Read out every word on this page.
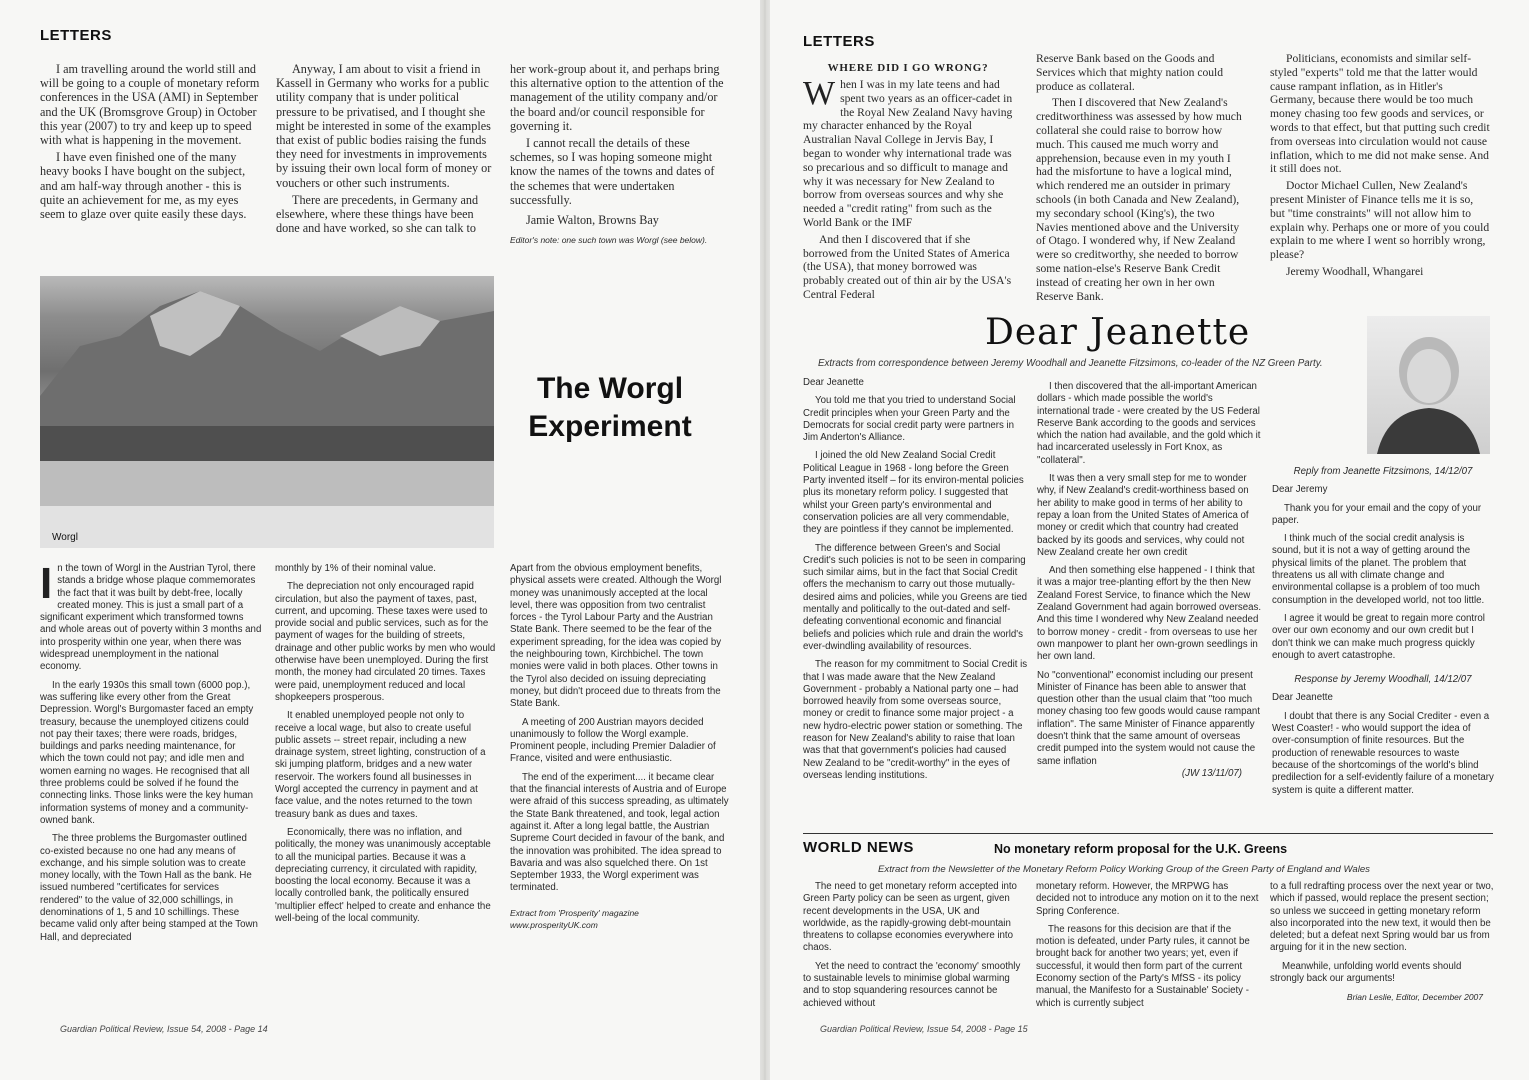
LETTERS

I am travelling around the world still and will be going to a couple of monetary reform conferences in the USA (AMI) in September and the UK (Bromsgrove Group) in October this year (2007) to try and keep up to speed with what is happening in the movement.

I have even finished one of the many heavy books I have bought on the subject, and am half-way through another - this is quite an achievement for me, as my eyes seem to glaze over quite easily these days.

Anyway, I am about to visit a friend in Kassell in Germany who works for a public utility company that is under political pressure to be privatised, and I thought she might be interested in some of the examples that exist of public bodies raising the funds they need for investments in improvements by issuing their own local form of money or vouchers or other such instruments.

There are precedents, in Germany and elsewhere, where these things have been done and have worked, so she can talk to

her work-group about it, and perhaps bring this alternative option to the attention of the management of the utility company and/or the board and/or council responsible for governing it.

I cannot recall the details of these schemes, so I was hoping someone might know the names of the towns and dates of the schemes that were undertaken successfully.

Jamie Walton, Browns Bay

Editor's note: one such town was Worgl (see below).

Worgl
The Worgl Experiment
I n the town of Worgl in the Austrian Tyrol, there stands a bridge whose plaque commemorates the fact that it was built by debt-free, locally created money. This is just a small part of a significant experiment which transformed towns and whole areas out of poverty within 3 months and into prosperity within one year, when there was widespread unemployment in the national economy.

In the early 1930s this small town (6000 pop.), was suffering like every other from the Great Depression. Worgl's Burgomaster faced an empty treasury, because the unemployed citizens could not pay their taxes; there were roads, bridges, buildings and parks needing maintenance, for which the town could not pay; and idle men and women earning no wages. He recognised that all three problems could be solved if he found the connecting links. Those links were the key human information systems of money and a community-owned bank.

The three problems the Burgomaster outlined co-existed because no one had any means of exchange, and his simple solution was to create money locally, with the Town Hall as the bank. He issued numbered "certificates for services rendered" to the value of 32,000 schillings, in denominations of 1, 5 and 10 schillings. These became valid only after being stamped at the Town Hall, and depreciated

monthly by 1% of their nominal value.

The depreciation not only encouraged rapid circulation, but also the payment of taxes, past, current, and upcoming. These taxes were used to provide social and public services, such as for the payment of wages for the building of streets, drainage and other public works by men who would otherwise have been unemployed. During the first month, the money had circulated 20 times. Taxes were paid, unemployment reduced and local shopkeepers prosperous.

It enabled unemployed people not only to receive a local wage, but also to create useful public assets -- street repair, including a new drainage system, street lighting, construction of a ski jumping platform, bridges and a new water reservoir. The workers found all businesses in Worgl accepted the currency in payment and at face value, and the notes returned to the town treasury bank as dues and taxes.

Economically, there was no inflation, and politically, the money was unanimously acceptable to all the municipal parties. Because it was a depreciating currency, it circulated with rapidity, boosting the local economy. Because it was a locally controlled bank, the politically ensured 'multiplier effect' helped to create and enhance the well-being of the local community.

Apart from the obvious employment benefits, physical assets were created. Although the Worgl money was unanimously accepted at the local level, there was opposition from two centralist forces - the Tyrol Labour Party and the Austrian State Bank. There seemed to be the fear of the experiment spreading, for the idea was copied by the neighbouring town, Kirchbichel. The town monies were valid in both places. Other towns in the Tyrol also decided on issuing depreciating money, but didn't proceed due to threats from the State Bank.

A meeting of 200 Austrian mayors decided unanimously to follow the Worgl example. Prominent people, including Premier Daladier of France, visited and were enthusiastic.

The end of the experiment.... it became clear that the financial interests of Austria and of Europe were afraid of this success spreading, as ultimately the State Bank threatened, and took, legal action against it. After a long legal battle, the Austrian Supreme Court decided in favour of the bank, and the innovation was prohibited. The idea spread to Bavaria and was also squelched there. On 1st September 1933, the Worgl experiment was terminated.

Extract from 'Prosperity' magazine

www.prosperityUK.com

Guardian Political Review, Issue 54, 2008 - Page 14
LETTERS
WHERE DID I GO WRONG?
W hen I was in my late teens and had spent two years as an officer-cadet in the Royal New Zealand Navy having my character enhanced by the Royal Australian Naval College in Jervis Bay, I began to wonder why international trade was so precarious and so difficult to manage and why it was necessary for New Zealand to borrow from overseas sources and why she needed a "credit rating" from such as the World Bank or the IMF

And then I discovered that if she borrowed from the United States of America (the USA), that money borrowed was probably created out of thin air by the USA's Central Federal

Reserve Bank based on the Goods and Services which that mighty nation could produce as collateral.

Then I discovered that New Zealand's creditworthiness was assessed by how much collateral she could raise to borrow how much. This caused me much worry and apprehension, because even in my youth I had the misfortune to have a logical mind, which rendered me an outsider in primary schools (in both Canada and New Zealand), my secondary school (King's), the two Navies mentioned above and the University of Otago. I wondered why, if New Zealand were so creditworthy, she needed to borrow some nation-else's Reserve Bank Credit instead of creating her own in her own Reserve Bank.

Politicians, economists and similar self-styled "experts" told me that the latter would cause rampant inflation, as in Hitler's Germany, because there would be too much money chasing too few goods and services, or words to that effect, but that putting such credit from overseas into circulation would not cause inflation, which to me did not make sense. And it still does not.

Doctor Michael Cullen, New Zealand's present Minister of Finance tells me it is so, but "time constraints" will not allow him to explain why. Perhaps one or more of you could explain to me where I went so horribly wrong, please?

Jeremy Woodhall, Whangarei

Dear Jeanette
Extracts from correspondence between Jeremy Woodhall and Jeanette Fitzsimons, co-leader of the NZ Green Party.

Dear Jeanette

You told me that you tried to understand Social Credit principles when your Green Party and the Democrats for social credit party were partners in Jim Anderton's Alliance.

I joined the old New Zealand Social Credit Political League in 1968 - long before the Green Party invented itself – for its environ-mental policies plus its monetary reform policy. I suggested that whilst your Green party's environmental and conservation policies are all very commendable, they are pointless if they cannot be implemented.

The difference between Green's and Social Credit's such policies is not to be seen in comparing such similar aims, but in the fact that Social Credit offers the mechanism to carry out those mutually-desired aims and policies, while you Greens are tied mentally and politically to the out-dated and self-defeating conventional economic and financial beliefs and policies which rule and drain the world's ever-dwindling availability of resources.

The reason for my commitment to Social Credit is that I was made aware that the New Zealand Government - probably a National party one – had borrowed heavily from some overseas source, money or credit to finance some major project - a new hydro-electric power station or something. The reason for New Zealand's ability to raise that loan was that that government's policies had caused New Zealand to be "credit-worthy" in the eyes of overseas lending institutions.

I then discovered that the all-important American dollars - which made possible the world's international trade - were created by the US Federal Reserve Bank according to the goods and services which the nation had available, and the gold which it had incarcerated uselessly in Fort Knox, as "collateral".

It was then a very small step for me to wonder why, if New Zealand's credit-worthiness based on her ability to make good in terms of her ability to repay a loan from the United States of America of money or credit which that country had created backed by its goods and services, why could not New Zealand create her own credit

And then something else happened - I think that it was a major tree-planting effort by the then New Zealand Forest Service, to finance which the New Zealand Government had again borrowed overseas. And this time I wondered why New Zealand needed to borrow money - credit - from overseas to use her own manpower to plant her own-grown seedlings in her own land.

No "conventional" economist including our present Minister of Finance has been able to answer that question other than the usual claim that "too much money chasing too few goods would cause rampant inflation". The same Minister of Finance apparently doesn't think that the same amount of overseas credit pumped into the system would not cause the same inflation

(JW 13/11/07)

Reply from Jeanette Fitzsimons, 14/12/07

Dear Jeremy

Thank you for your email and the copy of your paper.

I think much of the social credit analysis is sound, but it is not a way of getting around the physical limits of the planet. The problem that threatens us all with climate change and environmental collapse is a problem of too much consumption in the developed world, not too little.

I agree it would be great to regain more control over our own economy and our own credit but I don't think we can make much progress quickly enough to avert catastrophe.

Response by Jeremy Woodhall, 14/12/07

Dear Jeanette

I doubt that there is any Social Crediter - even a West Coaster! - who would support the idea of over-consumption of finite resources. But the production of renewable resources to waste because of the shortcomings of the world's blind predilection for a self-evidently failure of a monetary system is quite a different matter.

WORLD NEWS	No monetary reform proposal for the U.K. Greens
Extract from the Newsletter of the Monetary Reform Policy Working Group of the Green Party of England and Wales

The need to get monetary reform accepted into Green Party policy can be seen as urgent, given recent developments in the USA, UK and worldwide, as the rapidly-growing debt-mountain threatens to collapse economies everywhere into chaos.

Yet the need to contract the 'economy' smoothly to sustainable levels to minimise global warming and to stop squandering resources cannot be achieved without

monetary reform. However, the MRPWG has decided not to introduce any motion on it to the next Spring Conference.

The reasons for this decision are that if the motion is defeated, under Party rules, it cannot be brought back for another two years; yet, even if successful, it would then form part of the current Economy section of the Party's MfSS - its policy manual, the Manifesto for a Sustainable' Society - which is currently subject

to a full redrafting process over the next year or two, which if passed, would replace the present section; so unless we succeed in getting monetary reform also incorporated into the new text, it would then be deleted; but a defeat next Spring would bar us from arguing for it in the new section.

Meanwhile, unfolding world events should strongly back our arguments!

Brian Leslie, Editor, December 2007

Guardian Political Review, Issue 54, 2008 - Page 15
